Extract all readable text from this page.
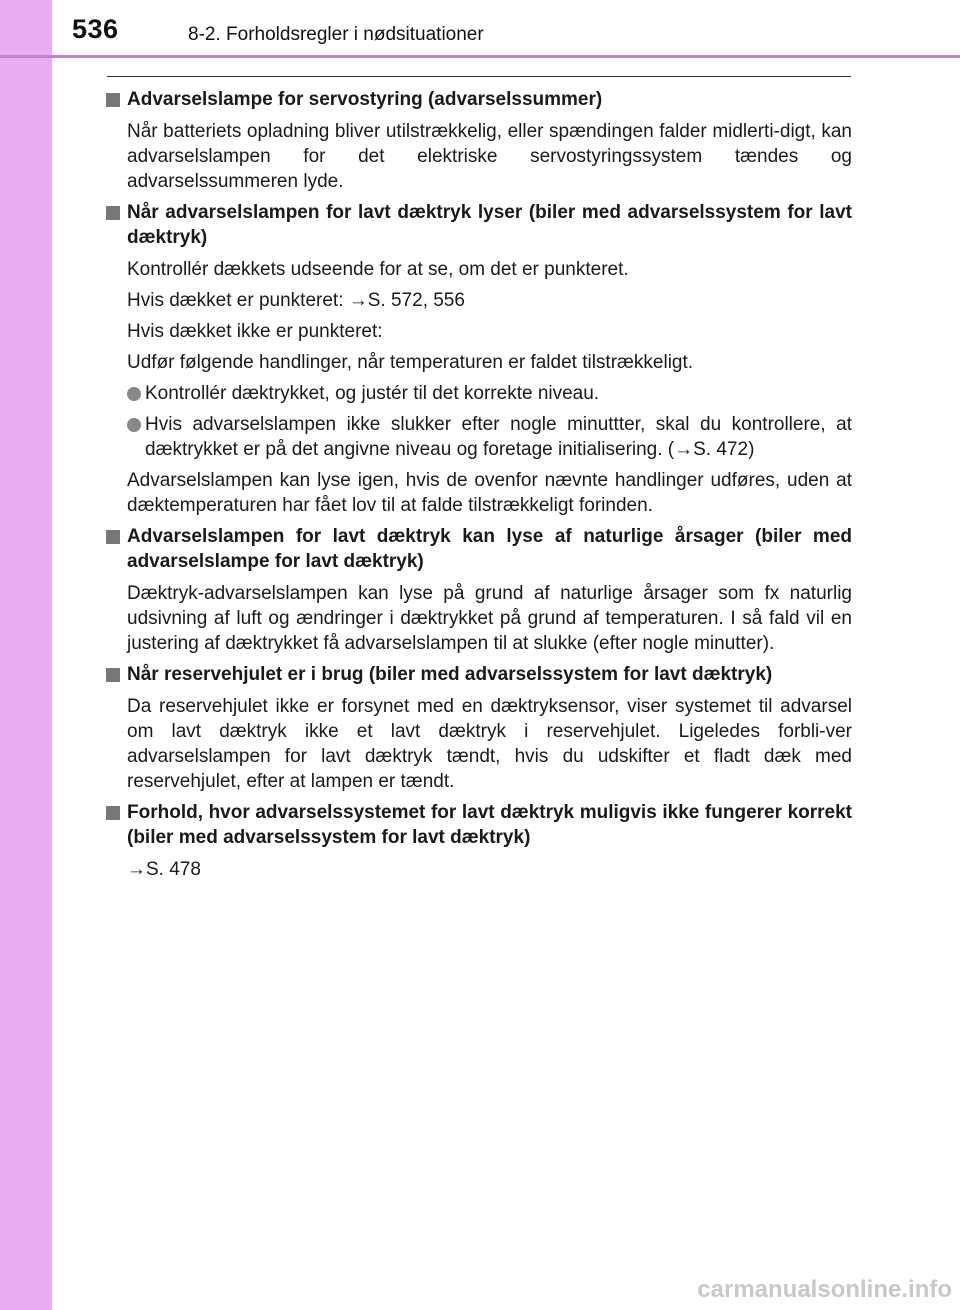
536	8-2. Forholdsregler i nødsituationer
Advarselslampe for servostyring (advarselssummer)
Når batteriets opladning bliver utilstrækkelig, eller spændingen falder midlerti-digt, kan advarselslampen for det elektriske servostyringssystem tændes og advarselssummeren lyde.
Når advarselslampen for lavt dæktryk lyser (biler med advarselssystem for lavt dæktryk)
Kontrollér dækkets udseende for at se, om det er punkteret.
Hvis dækket er punkteret: →S. 572, 556
Hvis dækket ikke er punkteret:
Udfør følgende handlinger, når temperaturen er faldet tilstrækkeligt.
Kontrollér dæktrykket, og justér til det korrekte niveau.
Hvis advarselslampen ikke slukker efter nogle minuttter, skal du kontrollere, at dæktrykket er på det angivne niveau og foretage initialisering. (→S. 472)
Advarselslampen kan lyse igen, hvis de ovenfor nævnte handlinger udføres, uden at dæktemperaturen har fået lov til at falde tilstrækkeligt forinden.
Advarselslampen for lavt dæktryk kan lyse af naturlige årsager (biler med advarselslampe for lavt dæktryk)
Dæktryk-advarselslampen kan lyse på grund af naturlige årsager som fx naturlig udsivning af luft og ændringer i dæktrykket på grund af temperaturen. I så fald vil en justering af dæktrykket få advarselslampen til at slukke (efter nogle minutter).
Når reservehjulet er i brug (biler med advarselssystem for lavt dæktryk)
Da reservehjulet ikke er forsynet med en dæktryksensor, viser systemet til advarsel om lavt dæktryk ikke et lavt dæktryk i reservehjulet. Ligeledes forbli-ver advarselslampen for lavt dæktryk tændt, hvis du udskifter et fladt dæk med reservehjulet, efter at lampen er tændt.
Forhold, hvor advarselssystemet for lavt dæktryk muligvis ikke fungerer korrekt (biler med advarselssystem for lavt dæktryk)
→S. 478
carmanualsonline.info
